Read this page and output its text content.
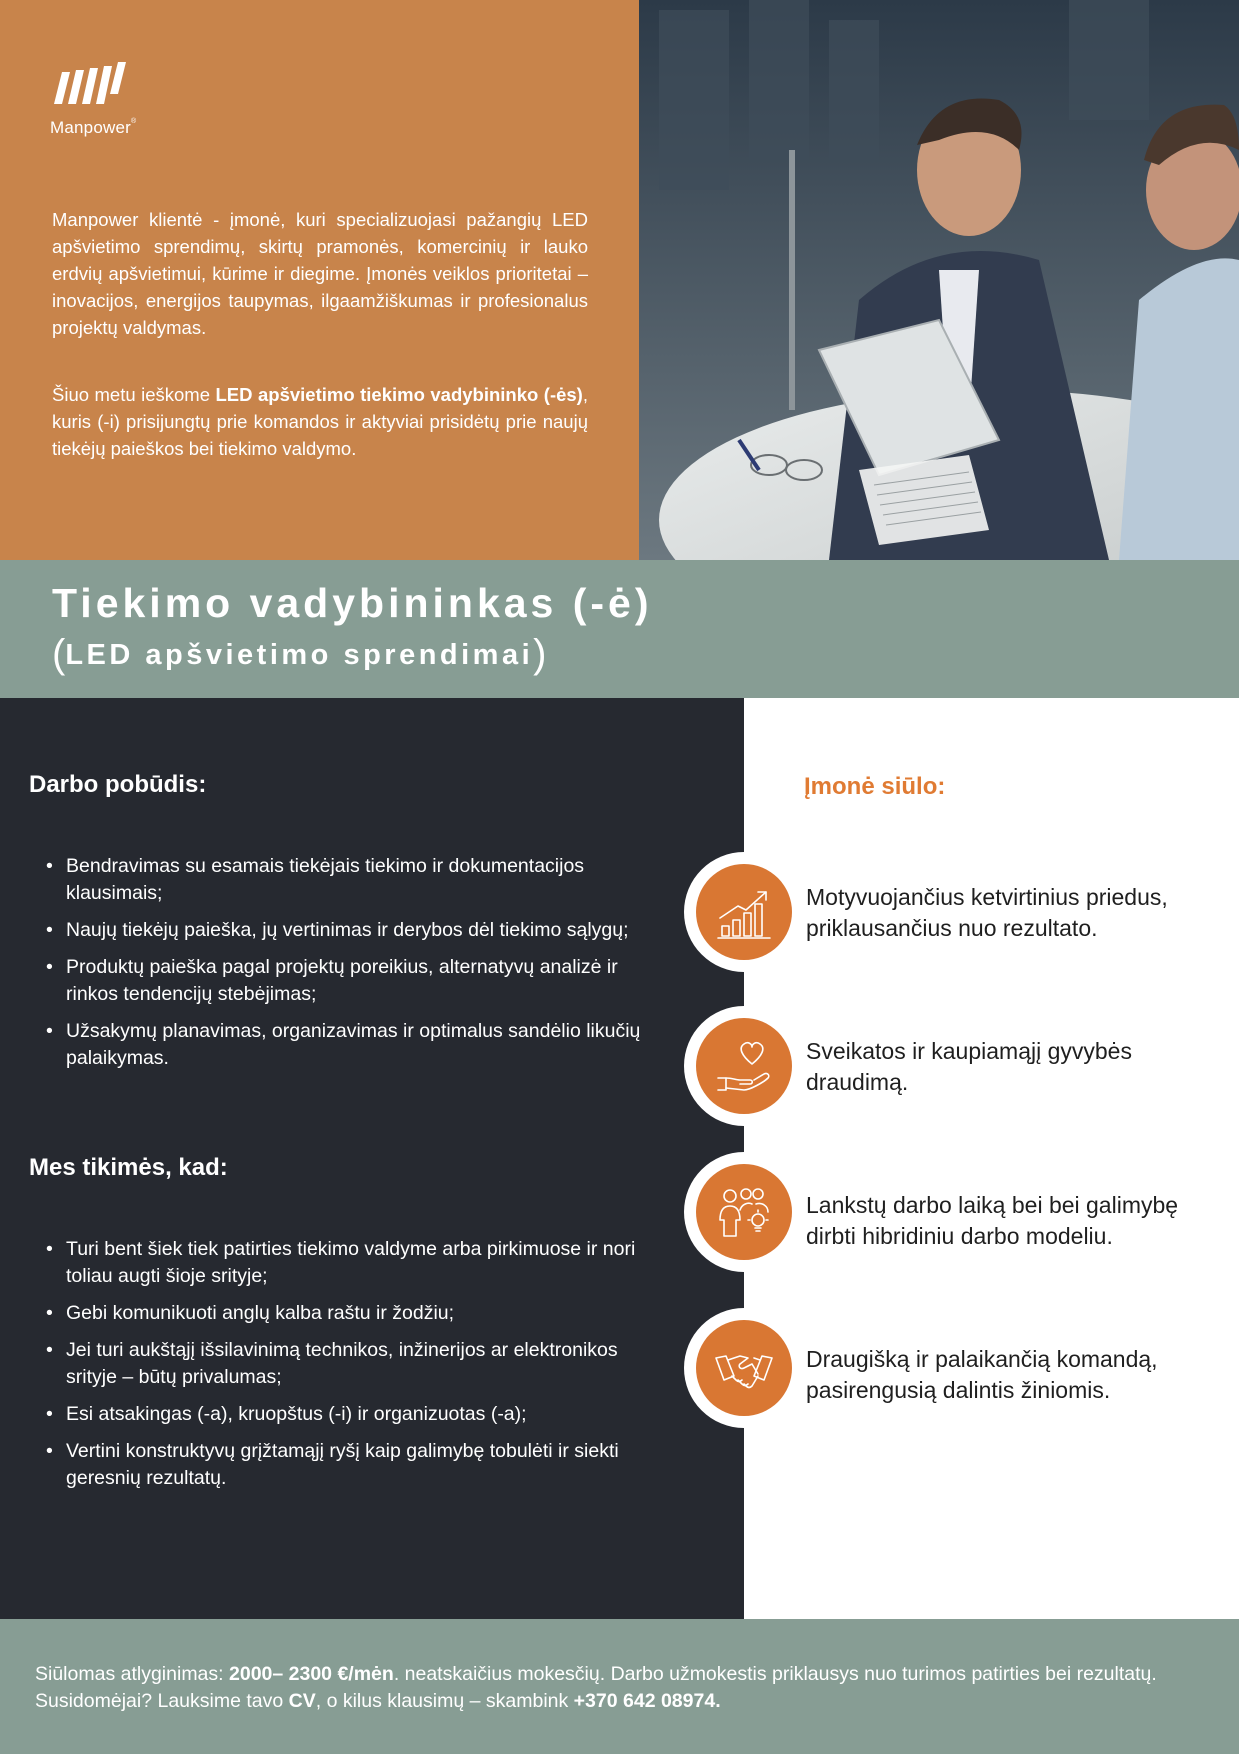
Manpower®

Manpower klientė - įmonė, kuri specializuojasi pažangių LED apšvietimo sprendimų, skirtų pramonės, komercinių ir lauko erdvių apšvietimui, kūrime ir diegime. Įmonės veiklos prioritetai – inovacijos, energijos taupymas, ilgaamžiškumas ir profesionalus projektų valdymas.

Šiuo metu ieškome LED apšvietimo tiekimo vadybininko (-ės), kuris (-i) prisijungtų prie komandos ir aktyviai prisidėtų prie naujų tiekėjų paieškos bei tiekimo valdymo.

Tiekimo vadybininkas (-ė)
(LED apšvietimo sprendimai)
Darbo pobūdis:
• Bendravimas su esamais tiekėjais tiekimo ir dokumentacijos klausimais;
• Naujų tiekėjų paieška, jų vertinimas ir derybos dėl tiekimo sąlygų;
• Produktų paieška pagal projektų poreikius, alternatyvų analizė ir rinkos tendencijų stebėjimas;
• Užsakymų planavimas, organizavimas ir optimalus sandėlio likučių palaikymas.
Mes tikimės, kad:
• Turi bent šiek tiek patirties tiekimo valdyme arba pirkimuose ir nori toliau augti šioje srityje;
• Gebi komunikuoti anglų kalba raštu ir žodžiu;
• Jei turi aukštąjį išsilavinimą technikos, inžinerijos ar elektronikos srityje – būtų privalumas;
• Esi atsakingas (-a), kruopštus (-i) ir organizuotas (-a);
• Vertini konstruktyvų grįžtamąjį ryšį kaip galimybę tobulėti ir siekti geresnių rezultatų.
Įmonė siūlo:

Motyvuojančius ketvirtinius priedus, priklausančius nuo rezultato.

Sveikatos ir kaupiamąjį gyvybės draudimą.

Lankstų darbo laiką bei bei galimybę dirbti hibridiniu darbo modeliu.

Draugišką ir palaikančią komandą, pasirengusią dalintis žiniomis.

Siūlomas atlyginimas: 2000– 2300 €/mėn. neatskaičius mokesčių. Darbo užmokestis priklausys nuo turimos patirties bei rezultatų. Susidomėjai? Lauksime tavo CV, o kilus klausimų – skambink +370 642 08974.
